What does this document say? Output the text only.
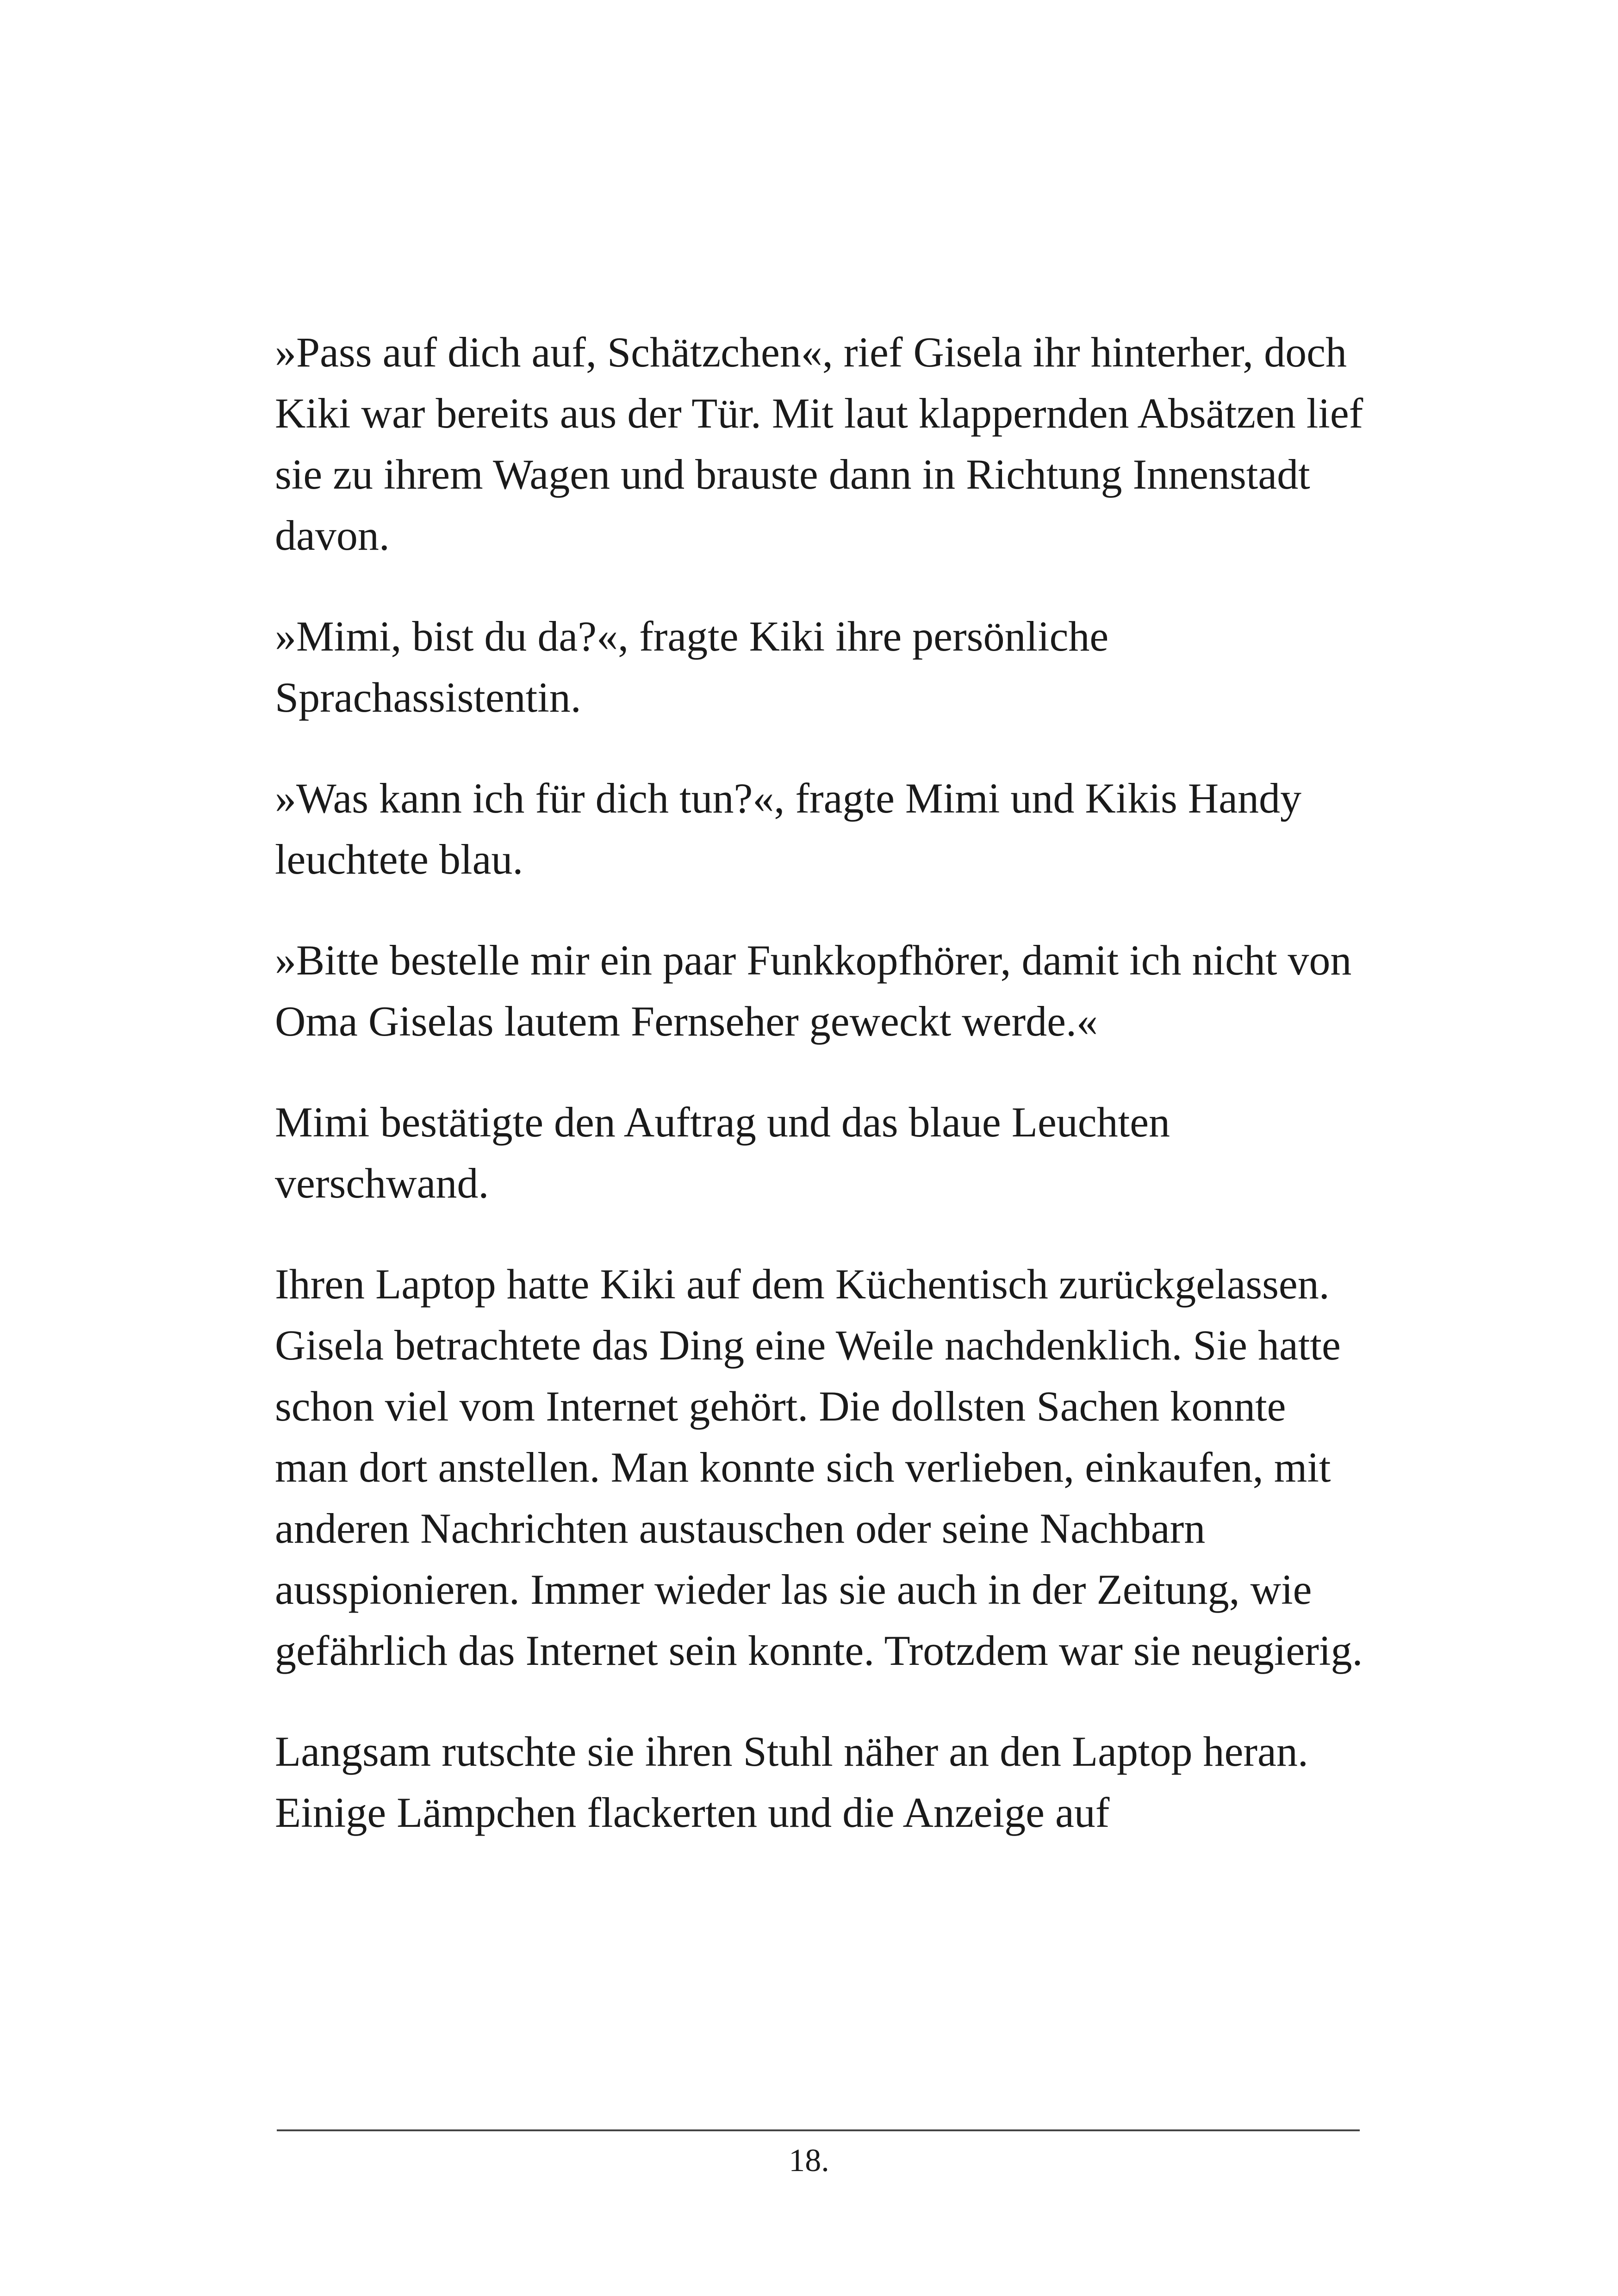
»Pass auf dich auf, Schätzchen«, rief Gisela ihr hinterher, doch Kiki war bereits aus der Tür. Mit laut klappernden Absätzen lief sie zu ihrem Wagen und brauste dann in Richtung Innenstadt davon.

»Mimi, bist du da?«, fragte Kiki ihre persönliche Sprachassistentin.

»Was kann ich für dich tun?«, fragte Mimi und Kikis Handy leuchtete blau.

»Bitte bestelle mir ein paar Funkkopfhörer, damit ich nicht von Oma Giselas lautem Fernseher geweckt werde.«

Mimi bestätigte den Auftrag und das blaue Leuchten verschwand.

Ihren Laptop hatte Kiki auf dem Küchentisch zurückgelassen. Gisela betrachtete das Ding eine Weile nachdenklich. Sie hatte schon viel vom Internet gehört. Die dollsten Sachen konnte man dort anstellen. Man konnte sich verlieben, einkaufen, mit anderen Nachrichten austauschen oder seine Nachbarn ausspionieren. Immer wieder las sie auch in der Zeitung, wie gefährlich das Internet sein konnte. Trotzdem war sie neugierig.

Langsam rutschte sie ihren Stuhl näher an den Laptop heran. Einige Lämpchen flackerten und die Anzeige auf

18.
